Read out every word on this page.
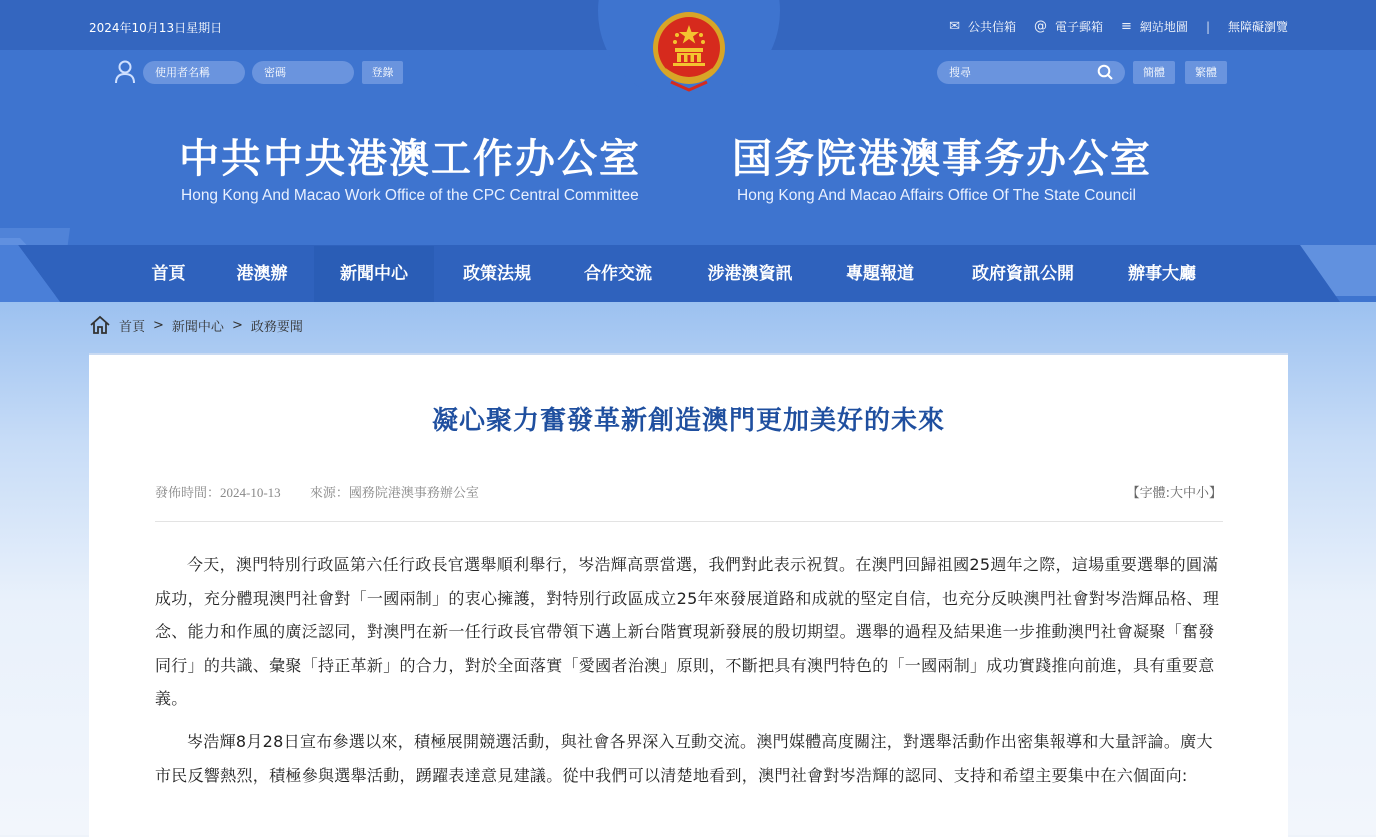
2024年10月13日星期日	✉ 公共信箱 @ 電子郵箱 ≡ 網站地圖 | 無障礙瀏覽
使用者名稱	密碼	登錄	搜尋	簡體	繁體
中共中央港澳工作办公室
Hong Kong And Macao Work Office of the CPC Central Committee
国务院港澳事务办公室
Hong Kong And Macao Affairs Office Of The State Council
首頁	港澳辦	新聞中心	政策法規	合作交流	涉港澳資訊	專題報道	政府資訊公開	辦事大廳
首頁 > 新聞中心 > 政務要聞
凝心聚力奮發革新創造澳門更加美好的未來
發佈時間：2024-10-13 來源：國務院港澳事務辦公室	【字體:大中小】

今天，澳門特別行政區第六任行政長官選舉順利舉行，岑浩輝高票當選，我們對此表示祝賀。在澳門回歸祖國25週年之際，這場重要選舉的圓滿成功，充分體現澳門社會對「一國兩制」的衷心擁護，對特別行政區成立25年來發展道路和成就的堅定自信，也充分反映澳門社會對岑浩輝品格、理念、能力和作風的廣泛認同，對澳門在新一任行政長官帶領下邁上新台階實現新發展的殷切期望。選舉的過程及結果進一步推動澳門社會凝聚「奮發同行」的共識、彙聚「持正革新」的合力，對於全面落實「愛國者治澳」原則，不斷把具有澳門特色的「一國兩制」成功實踐推向前進，具有重要意義。

岑浩輝8月28日宣布參選以來，積極展開競選活動，與社會各界深入互動交流。澳門媒體高度關注，對選舉活動作出密集報導和大量評論。廣大市民反響熱烈，積極參與選舉活動，踴躍表達意見建議。從中我們可以清楚地看到，澳門社會對岑浩輝的認同、支持和希望主要集中在六個面向:
